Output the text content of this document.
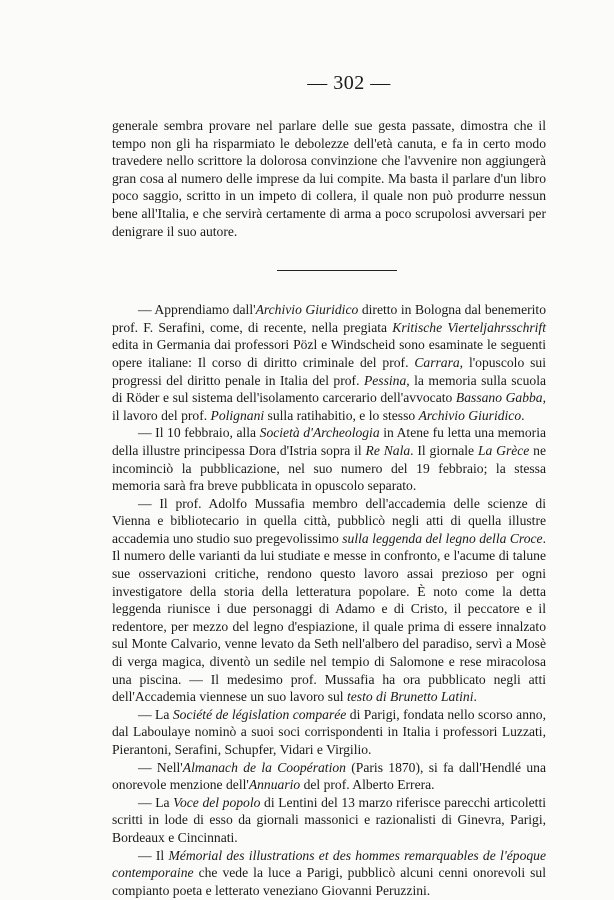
— 302 —

generale sembra provare nel parlare delle sue gesta passate, dimostra che il tempo non gli ha risparmiato le debolezze dell'età canuta, e fa in certo modo travedere nello scrittore la dolorosa convinzione che l'avvenire non aggiungerà gran cosa al numero delle imprese da lui compite. Ma basta il parlare d'un libro poco saggio, scritto in un impeto di collera, il quale non può produrre nessun bene all'Italia, e che servirà certamente di arma a poco scrupolosi avversari per denigrare il suo autore.

— Apprendiamo dall'Archivio Giuridico diretto in Bologna dal benemerito prof. F. Serafini, come, di recente, nella pregiata Kritische Vierteljahrsschrift edita in Germania dai professori Pözl e Windscheid sono esaminate le seguenti opere italiane: Il corso di diritto criminale del prof. Carrara, l'opuscolo sui progressi del diritto penale in Italia del prof. Pessina, la memoria sulla scuola di Röder e sul sistema dell'isolamento carcerario dell'avvocato Bassano Gabba, il lavoro del prof. Polignani sulla ratihabitio, e lo stesso Archivio Giuridico.

— Il 10 febbraio, alla Società d'Archeologia in Atene fu letta una memoria della illustre principessa Dora d'Istria sopra il Re Nala. Il giornale La Grèce ne incominciò la pubblicazione, nel suo numero del 19 febbraio; la stessa memoria sarà fra breve pubblicata in opuscolo separato.

— Il prof. Adolfo Mussafia membro dell'accademia delle scienze di Vienna e bibliotecario in quella città, pubblicò negli atti di quella illustre accademia uno studio suo pregevolissimo sulla leggenda del legno della Croce. Il numero delle varianti da lui studiate e messe in confronto, e l'acume di talune sue osservazioni critiche, rendono questo lavoro assai prezioso per ogni investigatore della storia della letteratura popolare. È noto come la detta leggenda riunisce i due personaggi di Adamo e di Cristo, il peccatore e il redentore, per mezzo del legno d'espiazione, il quale prima di essere innalzato sul Monte Calvario, venne levato da Seth nell'albero del paradiso, servì a Mosè di verga magica, diventò un sedile nel tempio di Salomone e rese miracolosa una piscina. — Il medesimo prof. Mussafia ha ora pubblicato negli atti dell'Accademia viennese un suo lavoro sul testo di Brunetto Latini.

— La Société de législation comparée di Parigi, fondata nello scorso anno, dal Laboulaye nominò a suoi soci corrispondenti in Italia i professori Luzzati, Pierantoni, Serafini, Schupfer, Vidari e Virgilio.

— Nell'Almanach de la Coopération (Paris 1870), si fa dall'Hendlé una onorevole menzione dell'Annuario del prof. Alberto Errera.

— La Voce del popolo di Lentini del 13 marzo riferisce parecchi articoletti scritti in lode di esso da giornali massonici e razionalisti di Ginevra, Parigi, Bordeaux e Cincinnati.

— Il Mémorial des illustrations et des hommes remarquables de l'époque contemporaine che vede la luce a Parigi, pubblicò alcuni cenni onorevoli sul compianto poeta e letterato veneziano Giovanni Peruzzini.
